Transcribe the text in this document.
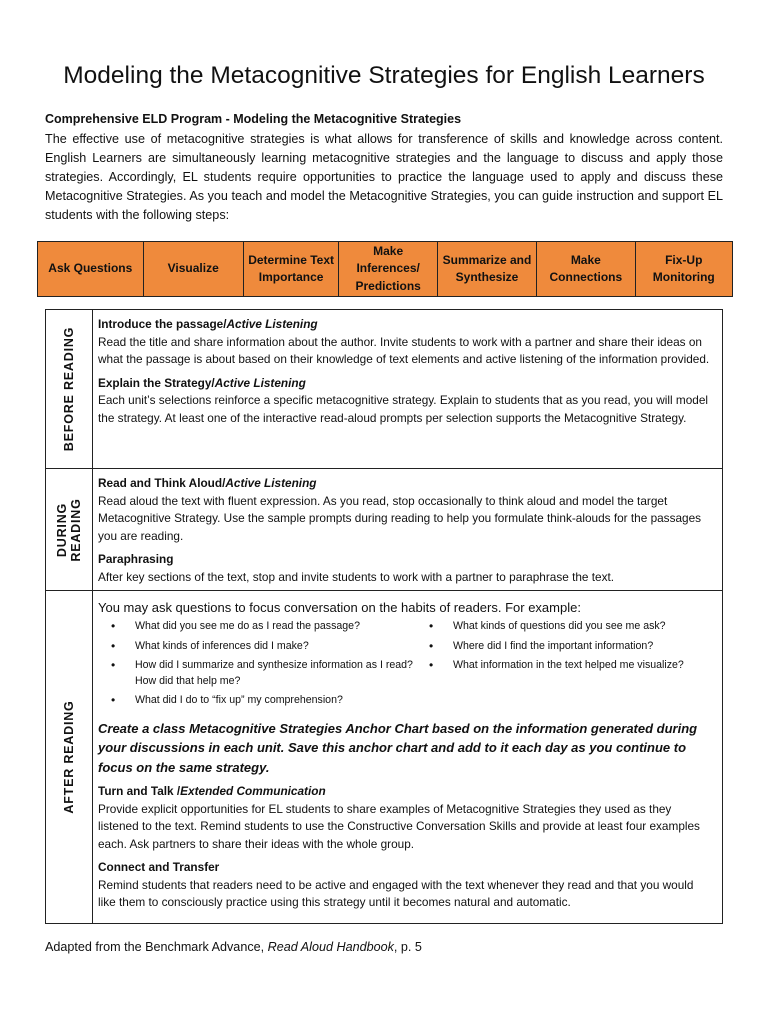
Modeling the Metacognitive Strategies for English Learners
Comprehensive ELD Program - Modeling the Metacognitive Strategies
The effective use of metacognitive strategies is what allows for transference of skills and knowledge across content. English Learners are simultaneously learning metacognitive strategies and the language to discuss and apply those strategies. Accordingly, EL students require opportunities to practice the language used to apply and discuss these Metacognitive Strategies. As you teach and model the Metacognitive Strategies, you can guide instruction and support EL students with the following steps:
Ask Questions	Visualize
Determine Text Importance
Make Inferences/ Predictions
Summarize and Synthesize
Make Connections
Fix-Up Monitoring
BEFORE READING
Introduce the passage/Active Listening
Read the title and share information about the author. Invite students to work with a partner and share their ideas on what the passage is about based on their knowledge of text elements and active listening of the information provided.
Explain the Strategy/Active Listening
Each unit’s selections reinforce a specific metacognitive strategy. Explain to students that as you read, you will model the strategy. At least one of the interactive read-aloud prompts per selection supports the Metacognitive Strategy.
DURING
READING
Read and Think Aloud/Active Listening
Read aloud the text with fluent expression. As you read, stop occasionally to think aloud and model the target Metacognitive Strategy. Use the sample prompts during reading to help you formulate think-alouds for the passages you are reading.
Paraphrasing
After key sections of the text, stop and invite students to work with a partner to paraphrase the text.
AFTER READING
You may ask questions to focus conversation on the habits of readers. For example:
• What did you see me do as I read the passage?
• What kinds of inferences did I make?
• How did I summarize and synthesize information as I read? How did that help me?
• What did I do to “fix up” my comprehension?
• What kinds of questions did you see me ask?
• Where did I find the important information?
• What information in the text helped me visualize?
Create a class Metacognitive Strategies Anchor Chart based on the information generated during your discussions in each unit. Save this anchor chart and add to it each day as you continue to focus on the same strategy.
Turn and Talk /Extended Communication
Provide explicit opportunities for EL students to share examples of Metacognitive Strategies they used as they listened to the text. Remind students to use the Constructive Conversation Skills and provide at least four examples each. Ask partners to share their ideas with the whole group.
Connect and Transfer
Remind students that readers need to be active and engaged with the text whenever they read and that you would like them to consciously practice using this strategy until it becomes natural and automatic.
Adapted from the Benchmark Advance, Read Aloud Handbook, p. 5
